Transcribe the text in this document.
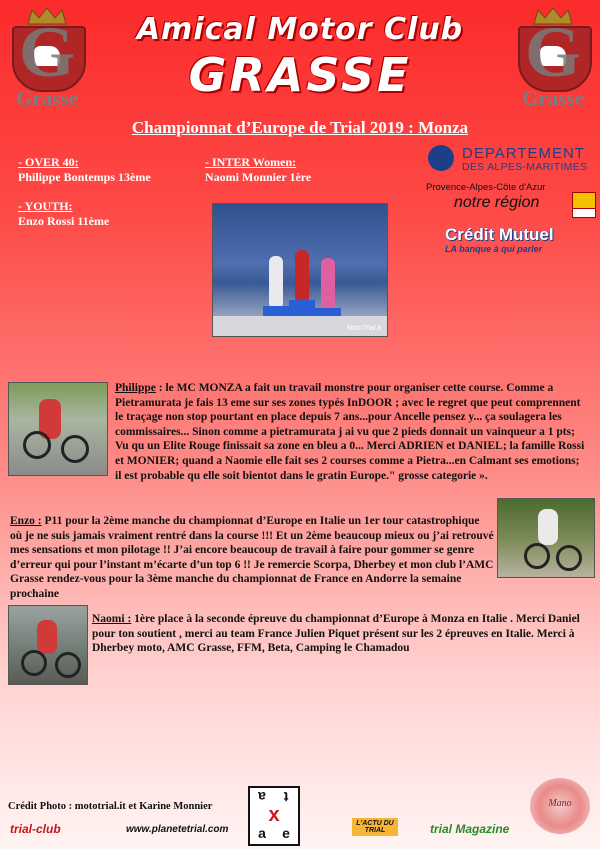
G
Grasse
G
Grasse
Amical Motor Club
GRASSE
Championnat d’Europe de Trial 2019 : Monza
- OVER 40:
Philippe Bontemps 13ème
- YOUTH:
Enzo Rossi 11ème
- INTER Women:
Naomi Monnier 1ère
MotoTrial.it
DEPARTEMENT
DES ALPES-MARITIMES
Provence-Alpes-Côte d'Azur
notre région
Crédit Mutuel
LA banque à qui parler
Philippe : le MC MONZA a fait un travail monstre pour organiser cette course. Comme a Pietramurata je fais 13 eme sur ses zones typés InDOOR ; avec le regret que peut comprennent le traçage non stop pourtant en place depuis 7 ans...pour Ancelle pensez y... ça soulagera les commissaires... Sinon comme a pietramurata j ai vu que 2 pieds donnait un vainqueur a 1 pts; Vu qu un Elite Rouge finissait sa zone en bleu a 0... Merci ADRIEN et DANIEL; la famille Rossi et MONIER; quand a Naomie elle fait ses 2 courses comme a Pietra...en Calmant ses emotions; il est probable qu elle soit bientot dans le gratin Europe." grosse categorie ».
Enzo : P11 pour la 2ème manche du championnat d’Europe en Italie un 1er tour catastrophique où je ne suis jamais vraiment rentré dans la course !!! Et un 2ème beaucoup mieux ou j’ai retrouvé mes sensations et mon pilotage !! J’ai encore beaucoup de travail à faire pour gommer se genre d’erreur qui pour l’instant m’écarte d’un top 6 !! Je remercie Scorpa, Dherbey et mon club l’AMC Grasse rendez-vous pour la 3ème manche du championnat de France en Andorre la semaine prochaine
Naomi : 1ère place à la seconde épreuve du championnat d’Europe à Monza en Italie . Merci Daniel pour ton soutient , merci au team France Julien Piquet présent sur les 2 épreuves en Italie. Merci à Dherbey moto, AMC Grasse, FFM, Beta, Camping le Chamadou
Crédit Photo : mototrial.it et Karine Monnier
trial-club	www.planetetrial.com
a	t
x
a	e
L'ACTU DU TRIAL	trial Magazine
Mano
